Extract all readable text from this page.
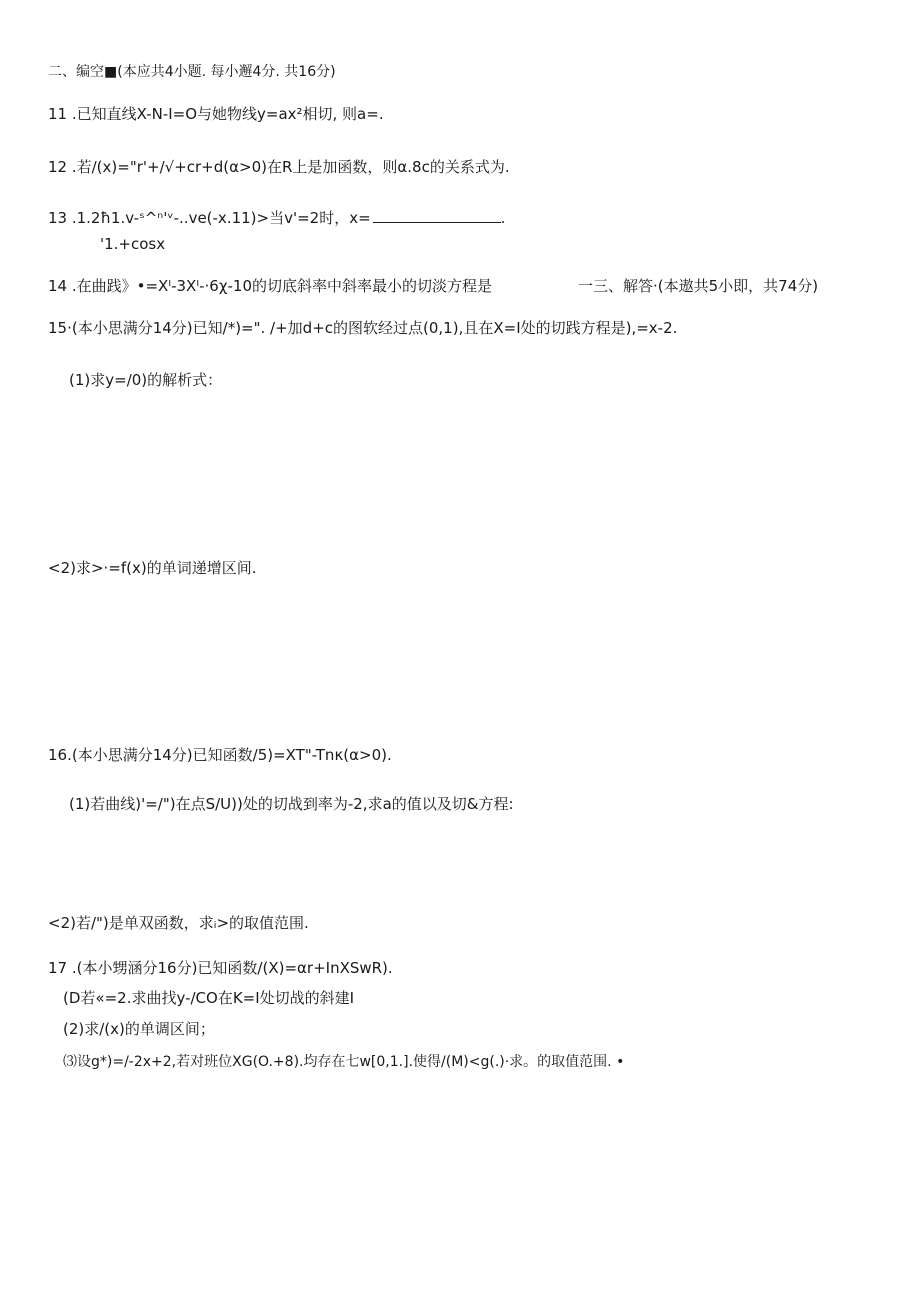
二、编空■(本应共4小题. 每小邂4分. 共16分)
11 .已知直线X-N-I=O与她物线y=ax²相切, 则a=.
12 .若/(x)="r'+/√+cr+d(α>0)在R上是加函数，则α.8c的关系式为.
13 .1.2ħ1.v-ˢ^ⁿ'ᵛ-..ve(-x.11)>当v'=2时，x=	.
'1.+cosx
14 .在曲践》•=Xᴵ-3Xᴵ-·6χ-10的切底斜率中斜率最小的切淡方程是	一三、解答·(本遨共5小即，共74分)
15·(本小思满分14分)已知/*)=". /+加d+c的图软经过点(0,1),且在X=I处的切践方程是),=x-2.
(1)求y=/0)的解析式：
<2)求>·=f(x)的单词递增区间.
16.(本小思满分14分)已知函数/5)=XT"-Tnκ(α>0).
(1)若曲线)'=/")在点S/U))处的切战到率为-2,求a的值以及切&方程:
<2)若/")是单双函数，求ᵢ>的取值范围.
17 .(本小甥涵分16分)已知函数/(X)=αr+InXSwR).
(D若«=2.求曲找y-/CO在K=I处切战的斜建I
(2)求/(x)的单调区间；
⑶设g*)=/-2x+2,若对班位XG(O.+8).均存在七w[0,1.].使得/(M)<g(.)·求。的取值范围. •
